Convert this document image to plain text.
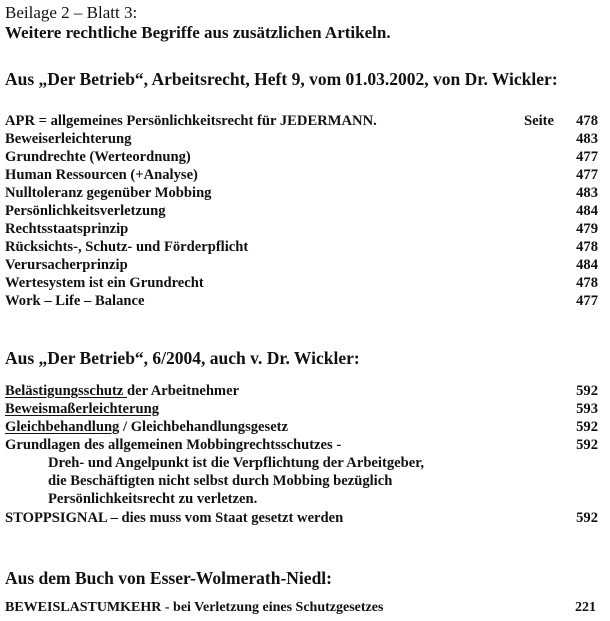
Beilage 2 – Blatt 3:
Weitere rechtliche Begriffe aus zusätzlichen Artikeln.
Aus „Der Betrieb“, Arbeitsrecht, Heft 9, vom 01.03.2002, von Dr. Wickler:
APR = allgemeines Persönlichkeitsrecht für JEDERMANN.	Seite 478
Beweiserleichterung	483
Grundrechte (Werteordnung)	477
Human Ressourcen (+Analyse)	477
Nulltoleranz gegenüber Mobbing	483
Persönlichkeitsverletzung	484
Rechtsstaatsprinzip	479
Rücksichts-, Schutz- und Förderpflicht	478
Verursacherprinzip	484
Wertesystem ist ein Grundrecht	478
Work – Life – Balance	477
Aus „Der Betrieb“, 6/2004, auch v. Dr. Wickler:
Belästigungsschutz der Arbeitnehmer	592
Beweismaßerleichterung	593
Gleichbehandlung / Gleichbehandlungsgesetz	592
Grundlagen des allgemeinen Mobbingrechtsschutzes -	592
Dreh- und Angelpunkt ist die Verpflichtung der Arbeitgeber,
die Beschäftigten nicht selbst durch Mobbing bezüglich
Persönlichkeitsrecht zu verletzen.
STOPPSIGNAL – dies muss vom Staat gesetzt werden	592
Aus dem Buch von Esser-Wolmerath-Niedl:
BEWEISLASTUMKEHR - bei Verletzung eines Schutzgesetzes	221
